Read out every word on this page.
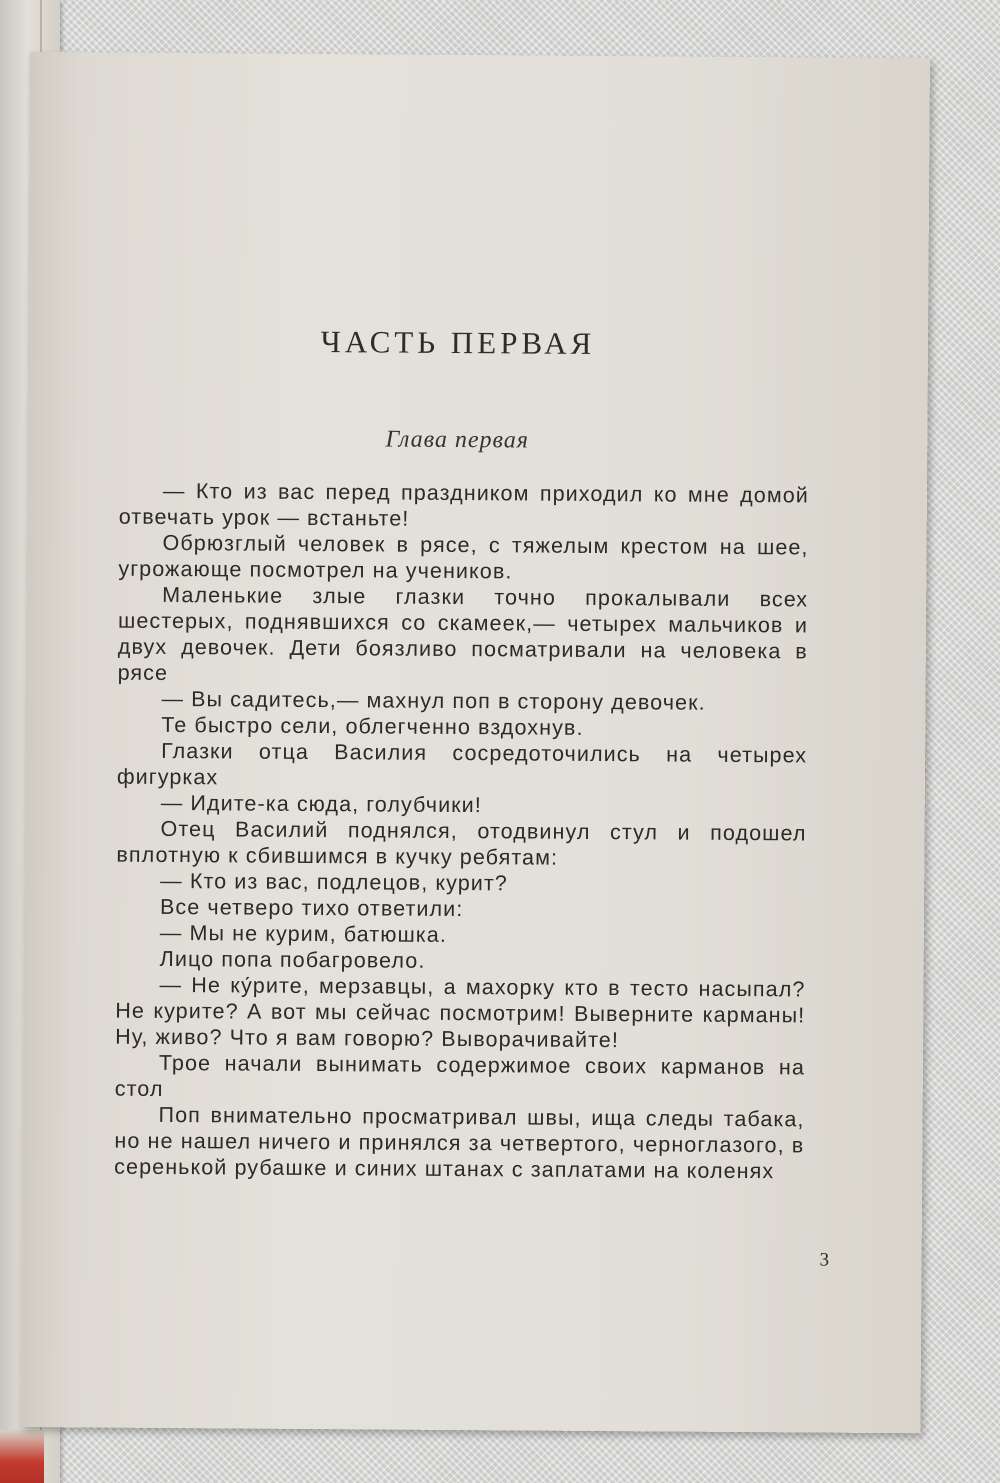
ЧАСТЬ ПЕРВАЯ
Глава первая

— Кто из вас перед праздником приходил ко мне домой отвечать урок — встаньте!

Обрюзглый человек в рясе, с тяжелым крестом на шее, угрожающе посмотрел на учеников.

Маленькие злые глазки точно прокалывали всех шестерых, поднявшихся со скамеек,— четырех мальчиков и двух девочек. Дети боязливо посматривали на человека в рясе

— Вы садитесь,— махнул поп в сторону девочек.

Те быстро сели, облегченно вздохнув.

Глазки отца Василия сосредоточились на четырех фигурках

— Идите-ка сюда, голубчики!

Отец Василий поднялся, отодвинул стул и подошел вплотную к сбившимся в кучку ребятам:

— Кто из вас, подлецов, курит?

Все четверо тихо ответили:

— Мы не курим, батюшка.

Лицо попа побагровело.

— Не ку́рите, мерзавцы, а махорку кто в тесто насыпал? Не курите? А вот мы сейчас посмотрим! Выверните карманы! Ну, живо? Что я вам говорю? Выворачивайте!

Трое начали вынимать содержимое своих карманов на стол

Поп внимательно просматривал швы, ища следы табака, но не нашел ничего и принялся за четвертого, черноглазого, в серенькой рубашке и синих штанах с заплатами на коленях

3
